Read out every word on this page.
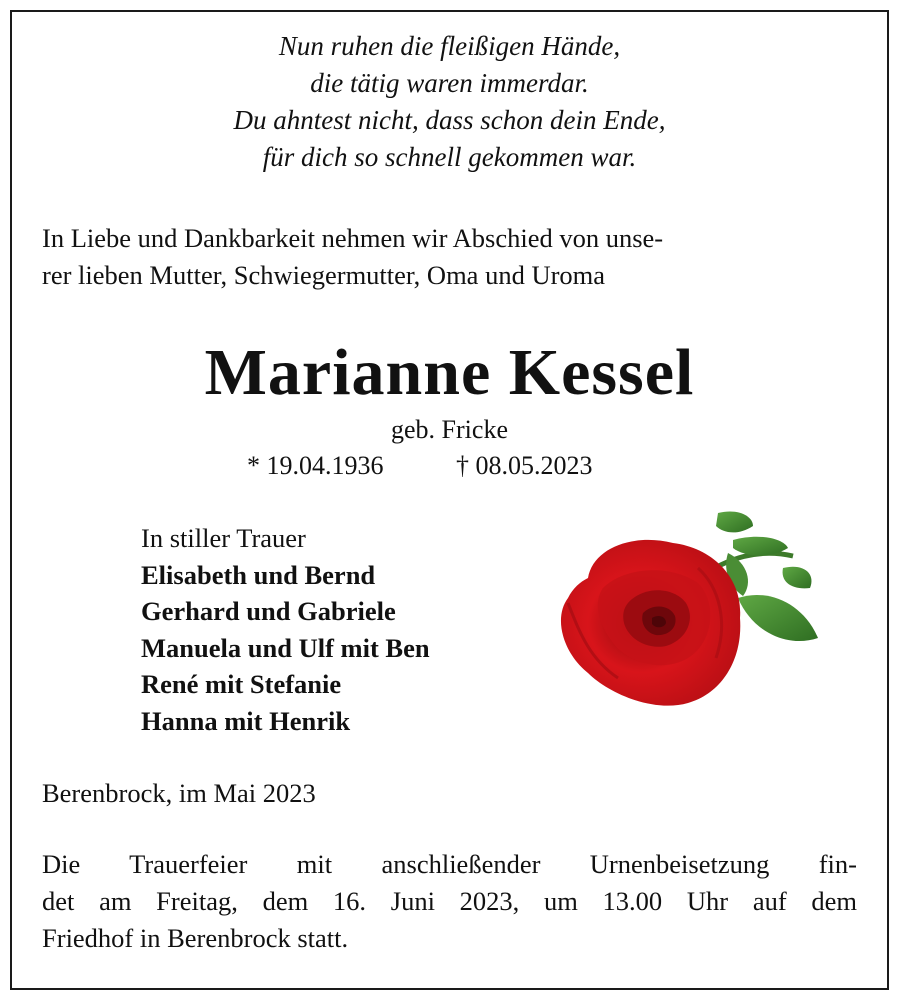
Nun ruhen die fleißigen Hände,
die tätig waren immerdar.
Du ahntest nicht, dass schon dein Ende,
für dich so schnell gekommen war.
In Liebe und Dankbarkeit nehmen wir Abschied von unse-
rer lieben Mutter, Schwiegermutter, Oma und Uroma
Marianne Kessel
geb. Fricke
* 19.04.1936	† 08.05.2023
In stiller Trauer
Elisabeth und Bernd
Gerhard und Gabriele
Manuela und Ulf mit Ben
René mit Stefanie
Hanna mit Henrik
Berenbrock, im Mai 2023
Die Trauerfeier mit anschließender Urnenbeisetzung fin-
det am Freitag, dem 16. Juni 2023, um 13.00 Uhr auf dem
Friedhof in Berenbrock statt.
